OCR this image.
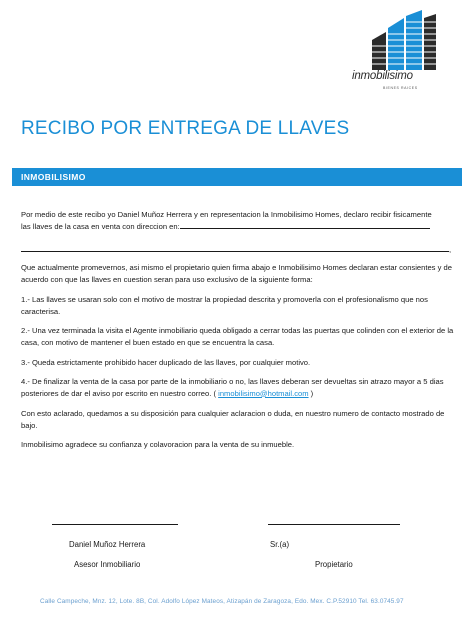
inmobilisimo
BIENES RAICES
RECIBO POR ENTREGA DE LLAVES
INMOBILISIMO
Por medio de este recibo yo Daniel Muñoz Herrera y en representacion la Inmobilisimo Homes, declaro recibir fisicamente
las llaves de la casa en venta con direccion en:
,
Que actualmente promevernos, asi mismo el propietario quien firma abajo e Inmobilisimo Homes declaran estar consientes y de acuerdo con que las llaves en cuestion seran para uso exclusivo de la siguiente forma:
1.- Las llaves se usaran solo con el motivo de mostrar la propiedad descrita y promoverla con el profesionalismo que nos caracterisa.
2.- Una vez terminada la visita el Agente inmobiliario queda obligado a cerrar todas las puertas que colinden con el exterior de la casa, con motivo de mantener el buen estado en que se encuentra la casa.
3.- Queda estrictamente prohibido hacer duplicado de las llaves, por cualquier motivo.
4.- De finalizar la venta de la casa por parte de la inmobiliario o no, las llaves deberan ser devueltas sin atrazo mayor a 5 dias posteriores de dar el aviso por escrito en nuestro correo. ( inmobilisimo@hotmail.com )
Con esto aclarado, quedamos a su disposición para cualquier aclaracion o duda, en nuestro numero de contacto mostrado de bajo.
Inmobilisimo agradece su confianza y colavoracion para la venta de su inmueble.
Daniel Muñoz Herrera	Sr.(a)
Asesor Inmobiliario	Propietario
Calle Campeche, Mnz. 12, Lote. 8B, Col. Adolfo López Mateos, Atizapán de Zaragoza, Edo. Mex. C.P.52910 Tel. 63.0745.97
